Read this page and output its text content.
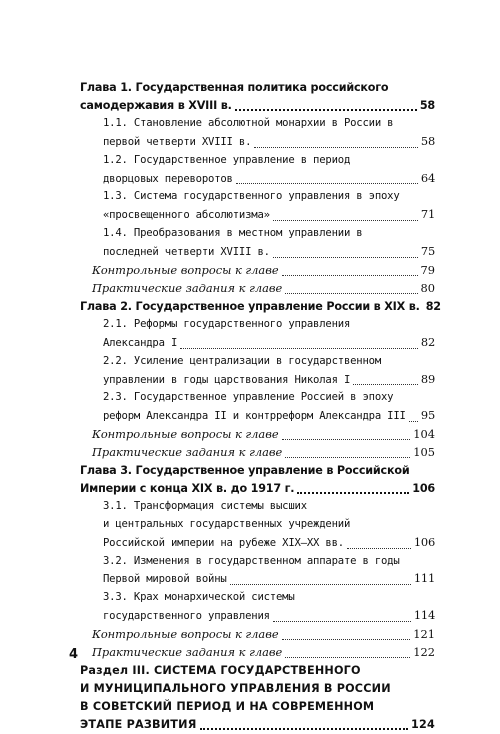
Глава 1. Государственная политика российского
самодержавия в XVIII в.	58
1.1. Становление абсолютной монархии в России в
первой четверти XVIII в.	58
1.2. Государственное управление в период
дворцовых переворотов	64
1.3. Система государственного управления в эпоху
«просвещенного абсолютизма»	71
1.4. Преобразования в местном управлении в
последней четверти XVIII в.	75
Контрольные вопросы к главе	79
Практические задания к главе	80
Глава 2. Государственное управление России в XIX в. 82
2.1. Реформы государственного управления
Александра I	82
2.2. Усиление централизации в государственном
управлении в годы царствования Николая I	89
2.3. Государственное управление Россией в эпоху
реформ Александра II и контрреформ Александра III 95
Контрольные вопросы к главе	104
Практические задания к главе	105
Глава 3. Государственное управление в Российской
Империи с конца XIX в. до 1917 г.	106
3.1. Трансформация системы высших
и центральных государственных учреждений
Российской империи на рубеже XIX—XX вв.	106
3.2. Изменения в государственном аппарате в годы
Первой мировой войны	111
3.3. Крах монархической системы
государственного управления	114
Контрольные вопросы к главе	121
Практические задания к главе	122
Раздел III. СИСТЕМА ГОСУДАРСТВЕННОГО
И МУНИЦИПАЛЬНОГО УПРАВЛЕНИЯ В РОССИИ
В СОВЕТСКИЙ ПЕРИОД И НА СОВРЕМЕННОМ
ЭТАПЕ РАЗВИТИЯ	124
4
